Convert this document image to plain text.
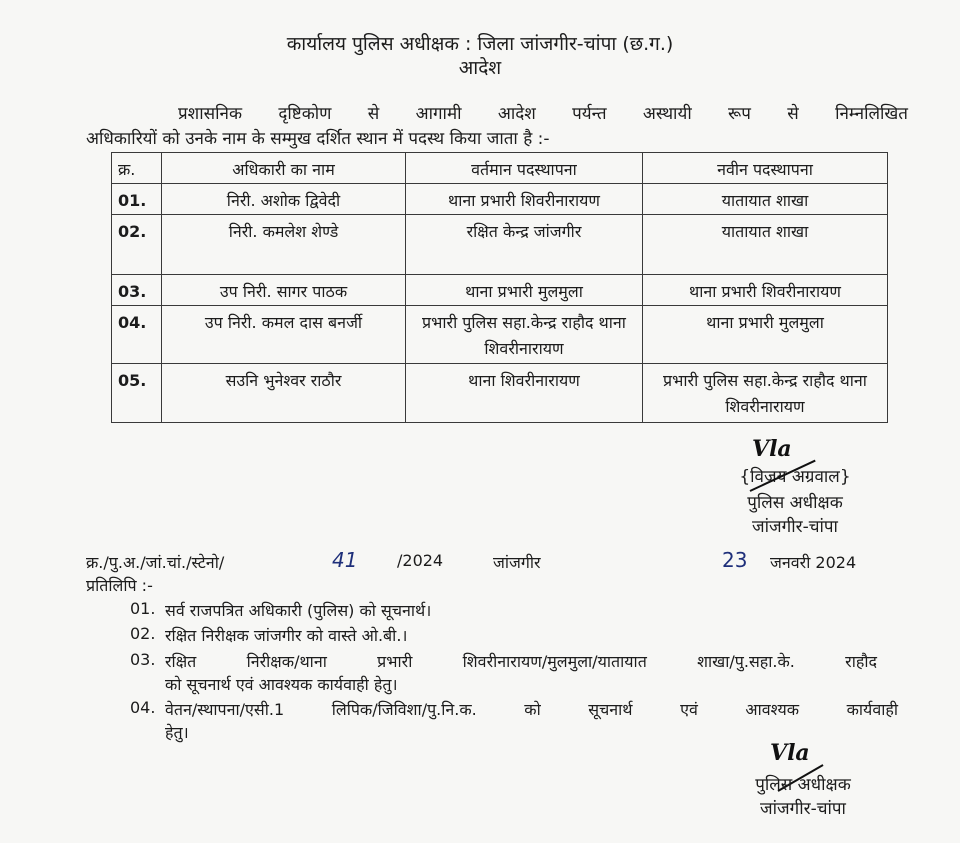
कार्यालय पुलिस अधीक्षक : जिला जांजगीर-चांपा (छ.ग.)
आदेश
प्रशासनिक दृष्टिकोण से आगामी आदेश पर्यन्त अस्थायी रूप से निम्नलिखित
अधिकारियों को उनके नाम के सम्मुख दर्शित स्थान में पदस्थ किया जाता है :-
क्र.	अधिकारी का नाम	वर्तमान पदस्थापना	नवीन पदस्थापना
01.	निरी. अशोक द्विवेदी	थाना प्रभारी शिवरीनारायण	यातायात शाखा
02.	निरी. कमलेश शेण्डे	रक्षित केन्द्र जांजगीर	यातायात शाखा
03.	उप निरी. सागर पाठक	थाना प्रभारी मुलमुला	थाना प्रभारी शिवरीनारायण
04.	उप निरी. कमल दास बनर्जी	प्रभारी पुलिस सहा.केन्द्र राहौद थाना शिवरीनारायण	थाना प्रभारी मुलमुला
05.	सउनि भुनेश्वर राठौर	थाना शिवरीनारायण	प्रभारी पुलिस सहा.केन्द्र राहौद थाना शिवरीनारायण
Vla
{विजय अग्रवाल}
पुलिस अधीक्षक
जांजगीर-चांपा
क्र./पु.अ./जां.चां./स्टेनो/	41 /2024	जांजगीर	23 जनवरी 2024
प्रतिलिपि :-
01. सर्व राजपत्रित अधिकारी (पुलिस) को सूचनार्थ।
02. रक्षित निरीक्षक जांजगीर को वास्ते ओ.बी.।
03. रक्षित निरीक्षक/थाना प्रभारी शिवरीनारायण/मुलमुला/यातायात शाखा/पु.सहा.के. राहौद
को सूचनार्थ एवं आवश्यक कार्यवाही हेतु।
04. वेतन/स्थापना/एसी.1 लिपिक/जिविशा/पु.नि.क. को सूचनार्थ एवं आवश्यक कार्यवाही
हेतु।
Vla
पुलिस अधीक्षक
जांजगीर-चांपा
